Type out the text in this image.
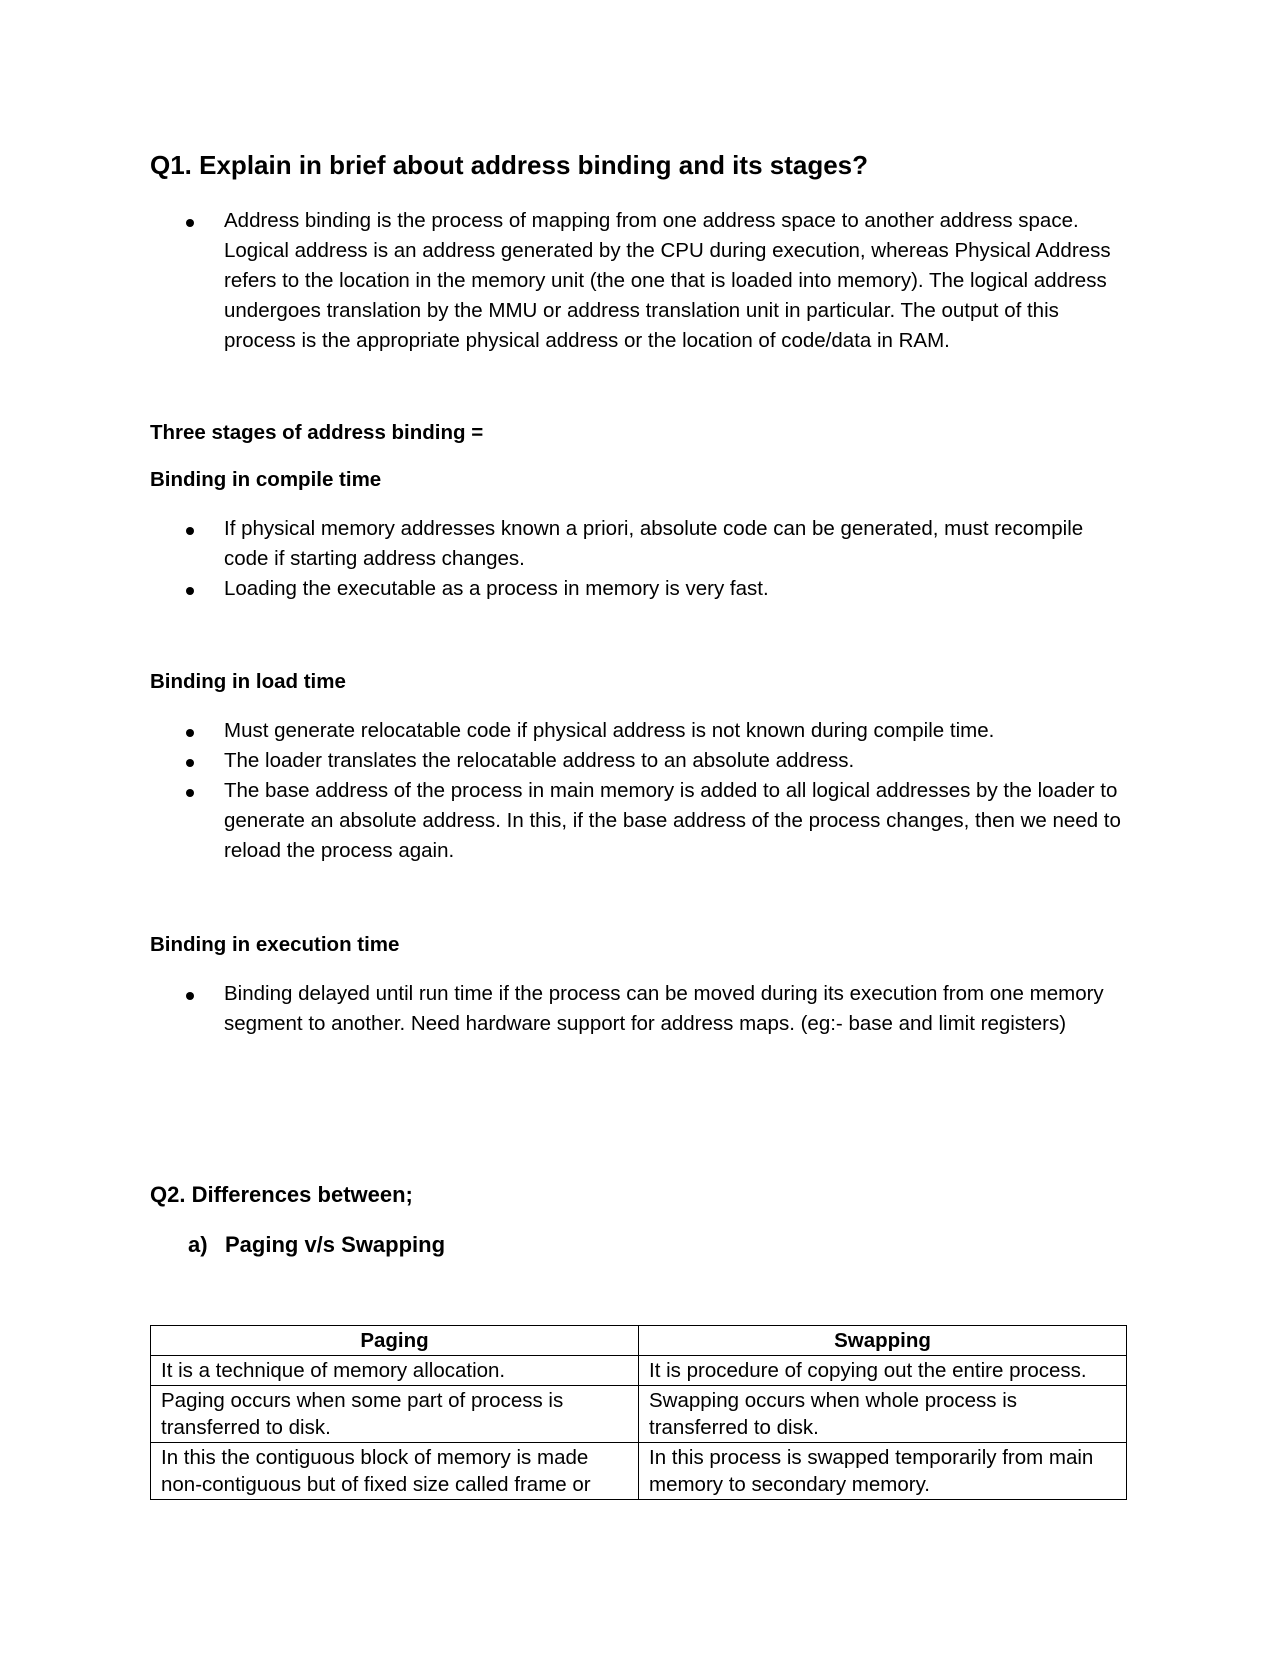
Q1. Explain in brief about address binding and its stages?
Address binding is the process of mapping from one address space to another address space. Logical address is an address generated by the CPU during execution, whereas Physical Address refers to the location in the memory unit (the one that is loaded into memory). The logical address undergoes translation by the MMU or address translation unit in particular. The output of this process is the appropriate physical address or the location of code/data in RAM.
Three stages of address binding =
Binding in compile time
If physical memory addresses known a priori, absolute code can be generated, must recompile code if starting address changes.
Loading the executable as a process in memory is very fast.
Binding in load time
Must generate relocatable code if physical address is not known during compile time.
The loader translates the relocatable address to an absolute address.
The base address of the process in main memory is added to all logical addresses by the loader to generate an absolute address. In this, if the base address of the process changes, then we need to reload the process again.
Binding in execution time
Binding delayed until run time if the process can be moved during its execution from one memory segment to another. Need hardware support for address maps. (eg:- base and limit registers)
Q2. Differences between;
a) Paging v/s Swapping
Paging	Swapping
It is a technique of memory allocation.	It is procedure of copying out the entire process.
Paging occurs when some part of process is transferred to disk.	Swapping occurs when whole process is transferred to disk.
In this the contiguous block of memory is made non-contiguous but of fixed size called frame or	In this process is swapped temporarily from main memory to secondary memory.
